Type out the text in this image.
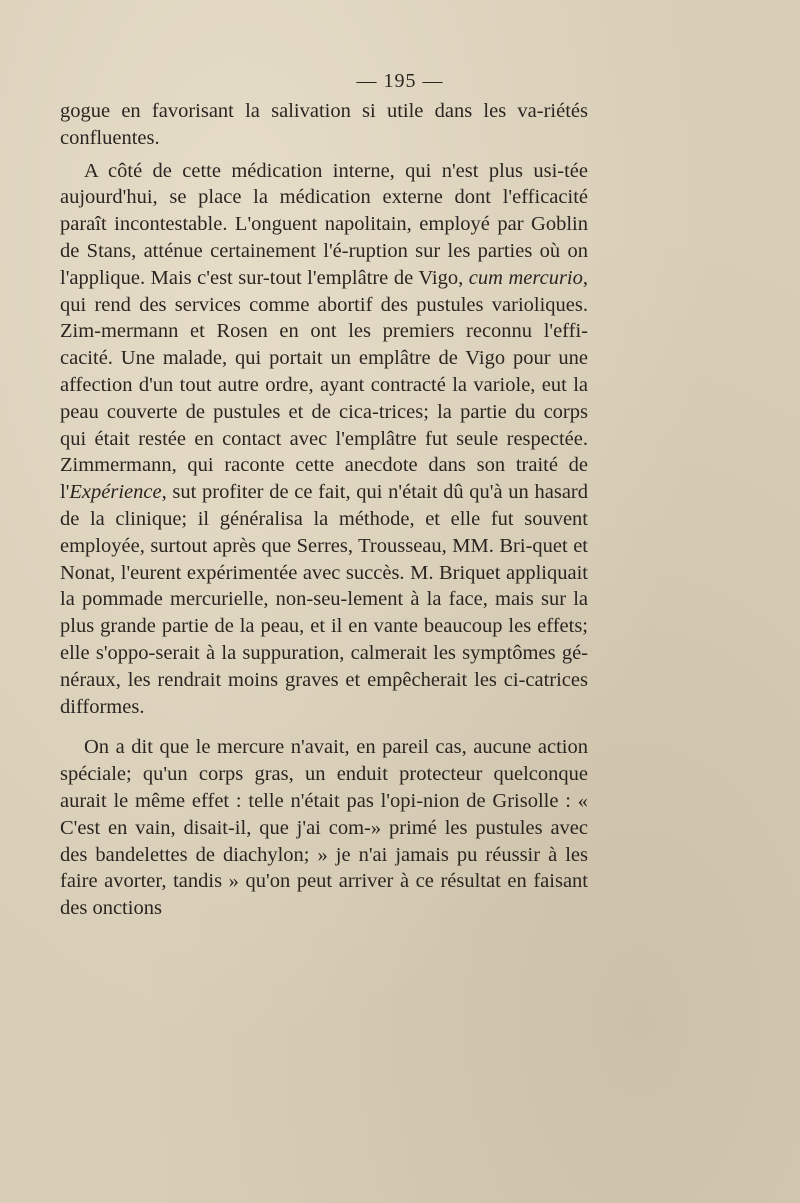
— 195 —

gogue en favorisant la salivation si utile dans les va-riétés confluentes.

A côté de cette médication interne, qui n'est plus usi-tée aujourd'hui, se place la médication externe dont l'efficacité paraît incontestable. L'onguent napolitain, employé par Goblin de Stans, atténue certainement l'é-ruption sur les parties où on l'applique. Mais c'est sur-tout l'emplâtre de Vigo, cum mercurio, qui rend des services comme abortif des pustules varioliques. Zim-mermann et Rosen en ont les premiers reconnu l'effi-cacité. Une malade, qui portait un emplâtre de Vigo pour une affection d'un tout autre ordre, ayant contracté la variole, eut la peau couverte de pustules et de cica-trices; la partie du corps qui était restée en contact avec l'emplâtre fut seule respectée. Zimmermann, qui raconte cette anecdote dans son traité de l'Expérience, sut profiter de ce fait, qui n'était dû qu'à un hasard de la clinique; il généralisa la méthode, et elle fut souvent employée, surtout après que Serres, Trousseau, MM. Bri-quet et Nonat, l'eurent expérimentée avec succès. M. Briquet appliquait la pommade mercurielle, non-seu-lement à la face, mais sur la plus grande partie de la peau, et il en vante beaucoup les effets; elle s'oppo-serait à la suppuration, calmerait les symptômes gé-néraux, les rendrait moins graves et empêcherait les ci-catrices difformes.

On a dit que le mercure n'avait, en pareil cas, aucune action spéciale; qu'un corps gras, un enduit protecteur quelconque aurait le même effet : telle n'était pas l'opi-nion de Grisolle : « C'est en vain, disait-il, que j'ai com-» primé les pustules avec des bandelettes de diachylon; » je n'ai jamais pu réussir à les faire avorter, tandis » qu'on peut arriver à ce résultat en faisant des onctions
